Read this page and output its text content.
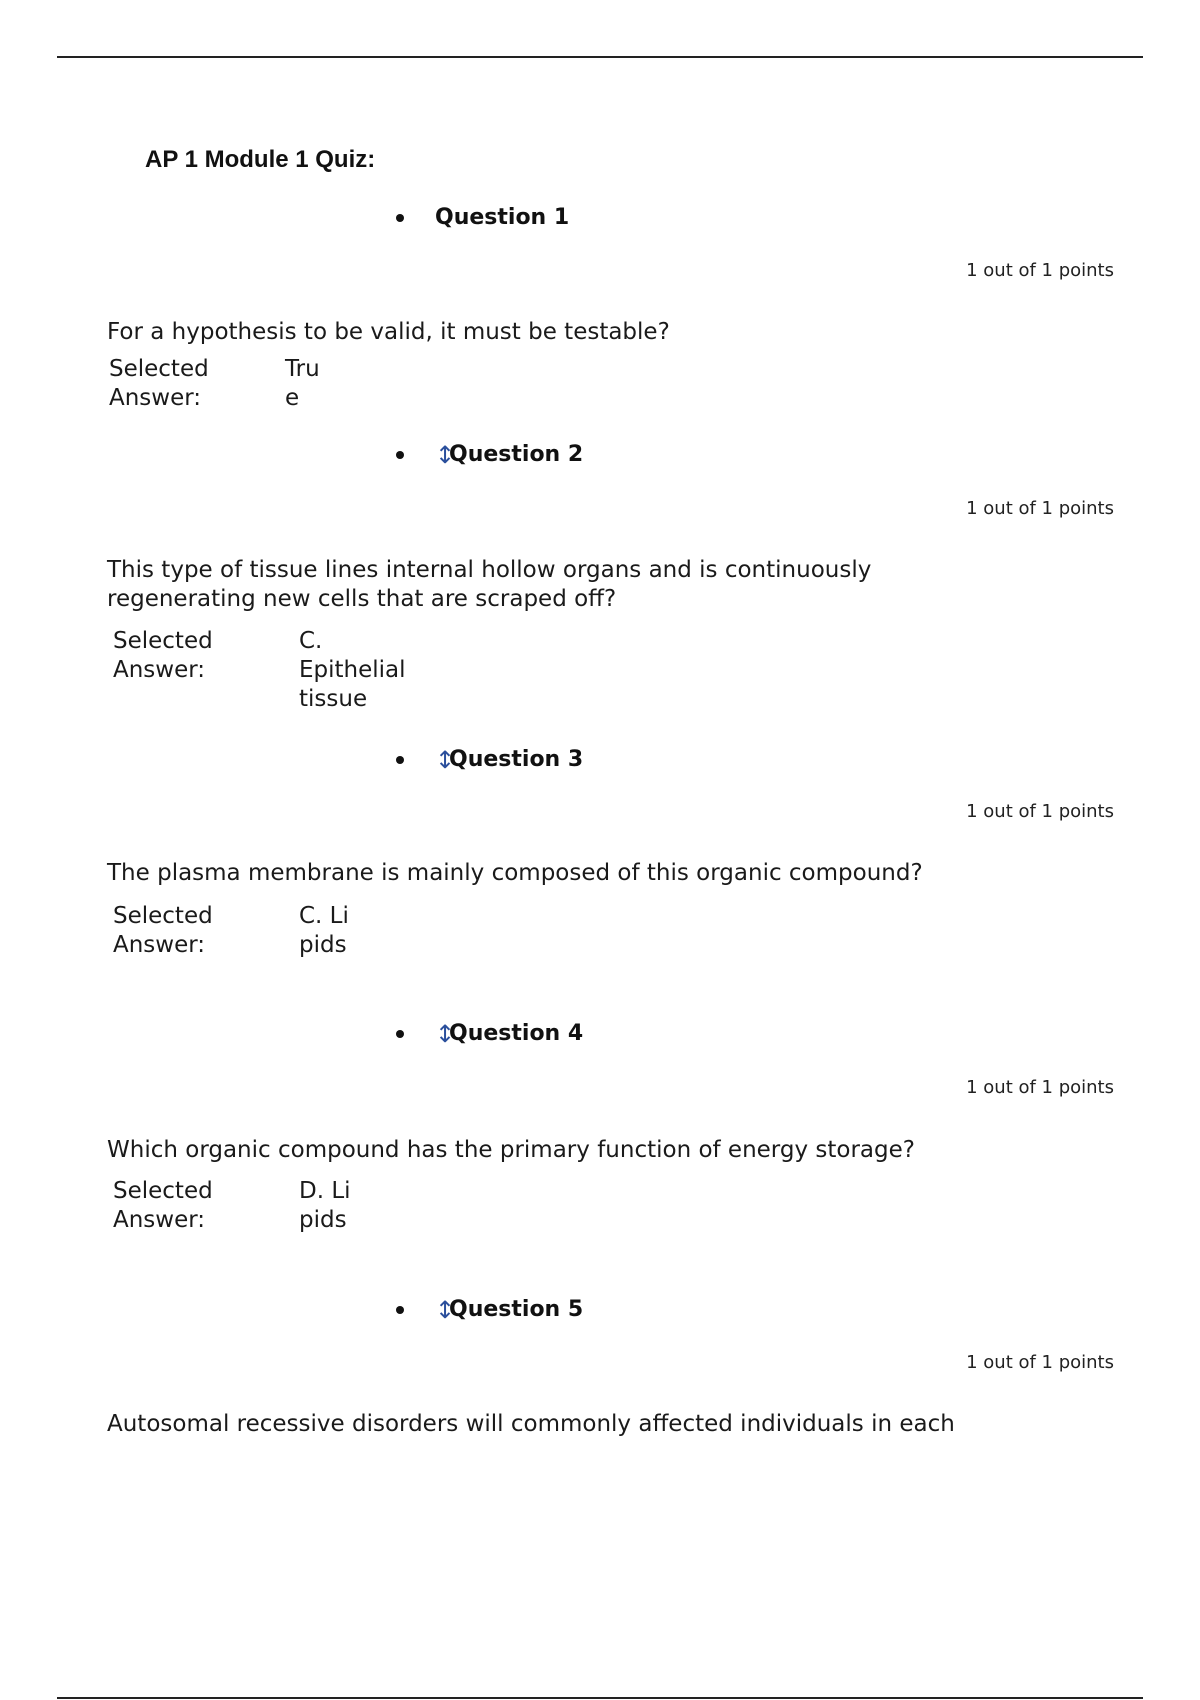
AP 1 Module 1 Quiz:
Question 1
1 out of 1 points
For a hypothesis to be valid, it must be testable?
Selected
Answer:
True
↕
Question 2
1 out of 1 points
This type of tissue lines internal hollow organs and is continuously regenerating new cells that are scraped off?
Selected
Answer:
C. Epithelial tissue
↕
Question 3
1 out of 1 points
The plasma membrane is mainly composed of this organic compound?
Selected
Answer:
C. Lipids
↕
Question 4
1 out of 1 points
Which organic compound has the primary function of energy storage?
Selected
Answer:
D. Lipids
↕
Question 5
1 out of 1 points
Autosomal recessive disorders will commonly affected individuals in each
